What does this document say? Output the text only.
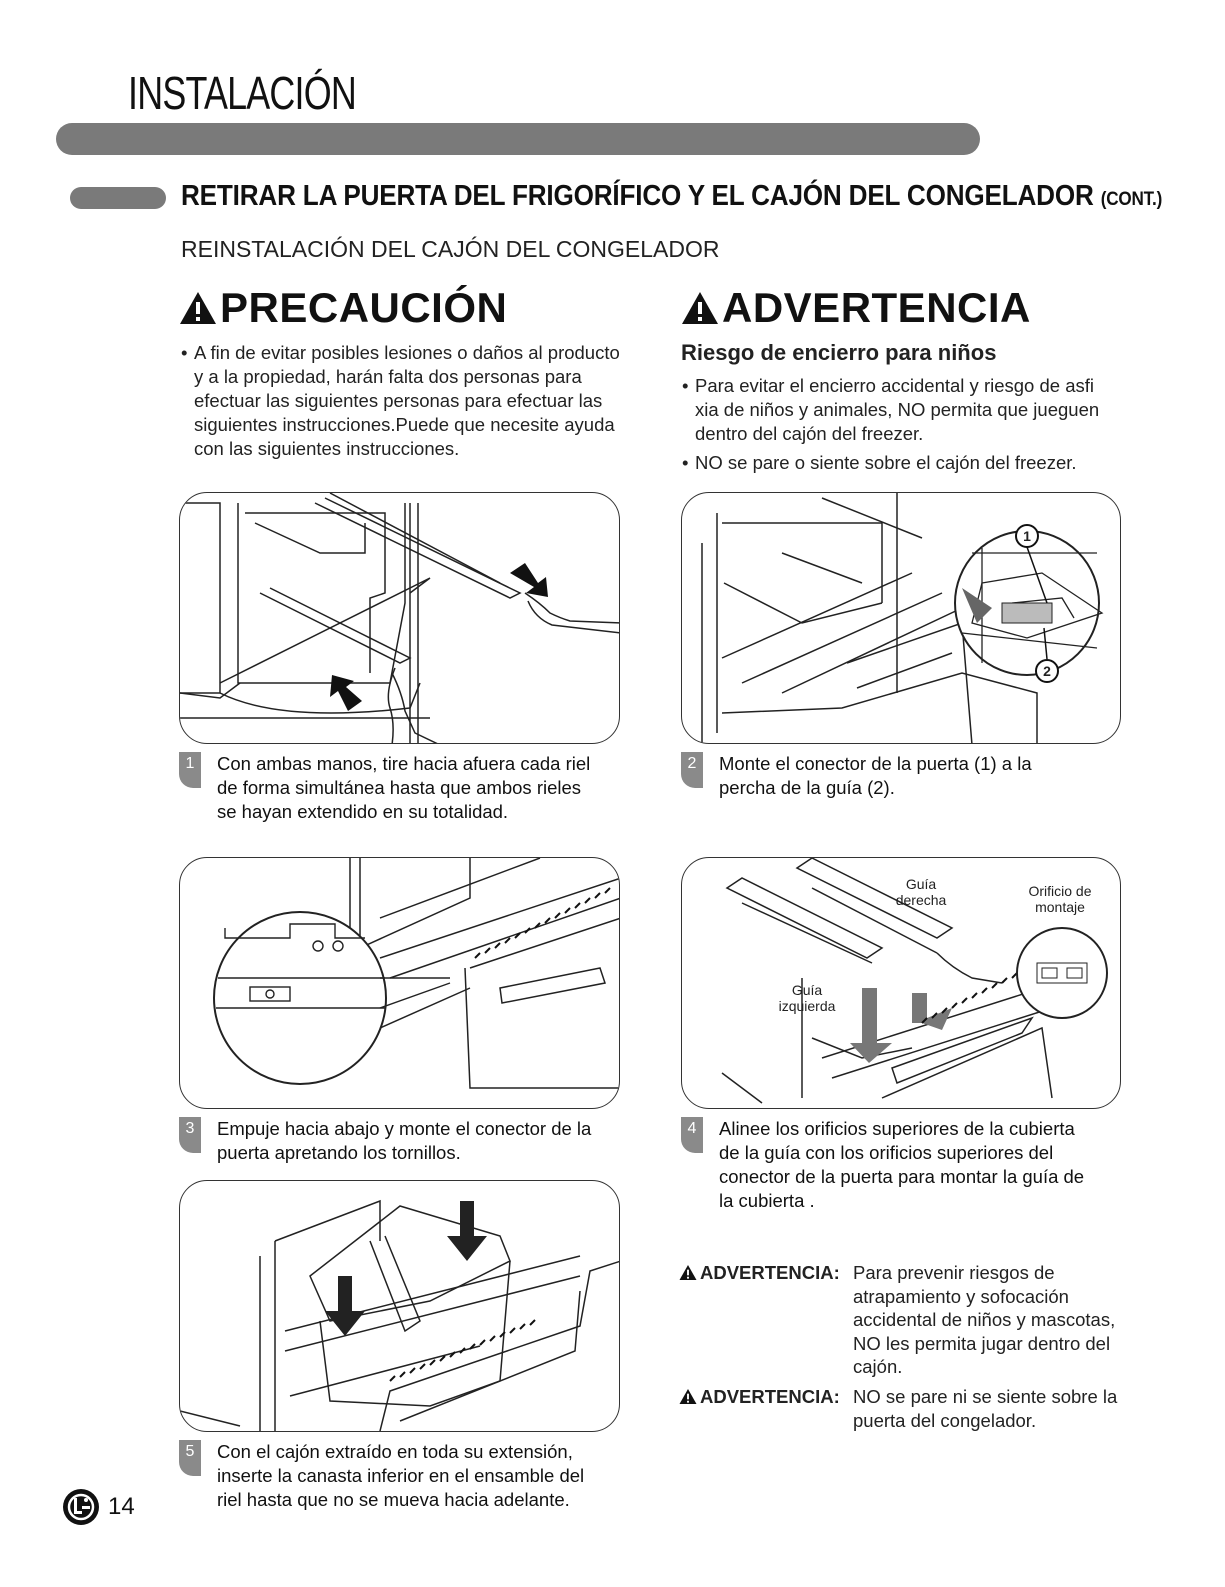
INSTALACIÓN
RETIRAR LA PUERTA DEL FRIGORÍFICO Y EL CAJÓN DEL CONGELADOR (CONT.)
REINSTALACIÓN DEL CAJÓN DEL CONGELADOR
PRECAUCIÓN
• A fin de evitar posibles lesiones o daños al producto
y a la propiedad, harán falta dos personas para
efectuar las siguientes personas para efectuar las
siguientes instrucciones.Puede que necesite ayuda
con las siguientes instrucciones.
ADVERTENCIA
Riesgo de encierro para niños
• Para evitar el encierro accidental y riesgo de asfi
xia de niños y animales, NO permita que jueguen
dentro del cajón del freezer.
• NO se pare o siente sobre el cajón del freezer.
1	Con ambas manos, tire hacia afuera cada riel
de forma simultánea hasta que ambos rieles
se hayan extendido en su totalidad.
1
2
2	Monte el conector de la puerta (1) a la
percha de la guía (2).
3	Empuje hacia abajo y monte el conector de la
puerta apretando los tornillos.
Guía
derecha
Orificio de
montaje
Guía
izquierda
4	Alinee los orificios superiores de la cubierta
de la guía con los orificios superiores del
conector de la puerta para montar la guía de
la cubierta .
5	Con el cajón extraído en toda su extensión,
inserte la canasta inferior en el ensamble del
riel hasta que no se mueva hacia adelante.
ADVERTENCIA: Para prevenir riesgos de
atrapamiento y sofocación
accidental de niños y mascotas,
NO les permita jugar dentro del
cajón.
ADVERTENCIA: NO se pare ni se siente sobre la
puerta del congelador.
14
